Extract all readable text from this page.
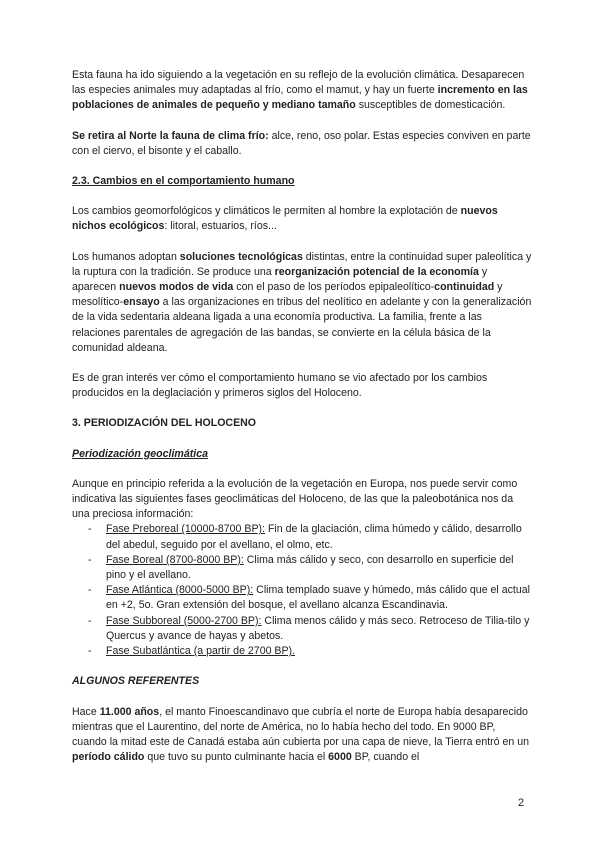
Esta fauna ha ido siguiendo a la vegetación en su reflejo de la evolución climática. Desaparecen las especies animales muy adaptadas al frío, como el mamut, y hay un fuerte incremento en las poblaciones de animales de pequeño y mediano tamaño susceptibles de domesticación.

Se retira al Norte la fauna de clima frío: alce, reno, oso polar. Estas especies conviven en parte con el ciervo, el bisonte y el caballo.

2.3. Cambios en el comportamiento humano

Los cambios geomorfológicos y climáticos le permiten al hombre la explotación de nuevos nichos ecológicos: litoral, estuarios, ríos...

Los humanos adoptan soluciones tecnológicas distintas, entre la continuidad super paleolítica y la ruptura con la tradición. Se produce una reorganización potencial de la economía y aparecen nuevos modos de vida con el paso de los períodos epipaleolítico-continuidad y mesolítico-ensayo a las organizaciones en tribus del neolítico en adelante y con la generalización de la vida sedentaria aldeana ligada a una economía productiva. La familia, frente a las relaciones parentales de agregación de las bandas, se convierte en la célula básica de la comunidad aldeana.

Es de gran interés ver cómo el comportamiento humano se vio afectado por los cambios producidos en la deglaciación y primeros siglos del Holoceno.

3. PERIODIZACIÓN DEL HOLOCENO
Periodización geoclimática

Aunque en principio referida a la evolución de la vegetación en Europa, nos puede servir como indicativa las siguientes fases geoclimáticas del Holoceno, de las que la paleobotánica nos da una preciosa información:

- Fase Preboreal (10000-8700 BP): Fin de la glaciación, clima húmedo y cálido, desarrollo del abedul, seguido por el avellano, el olmo, etc.
- Fase Boreal (8700-8000 BP): Clima más cálido y seco, con desarrollo en superficie del pino y el avellano.
- Fase Atlántica (8000-5000 BP): Clima templado suave y húmedo, más cálido que el actual en +2, 5o. Gran extensión del bosque, el avellano alcanza Escandinavia.
- Fase Subboreal (5000-2700 BP): Clima menos cálido y más seco. Retroceso de Tilia-tilo y Quercus y avance de hayas y abetos.
- Fase Subatlántica (a partir de 2700 BP).
ALGUNOS REFERENTES

Hace 11.000 años, el manto Finoescandinavo que cubría el norte de Europa había desaparecido mientras que el Laurentino, del norte de América, no lo había hecho del todo. En 9000 BP, cuando la mitad este de Canadá estaba aún cubierta por una capa de nieve, la Tierra entró en un período cálido que tuvo su punto culminante hacia el 6000 BP, cuando el

2
